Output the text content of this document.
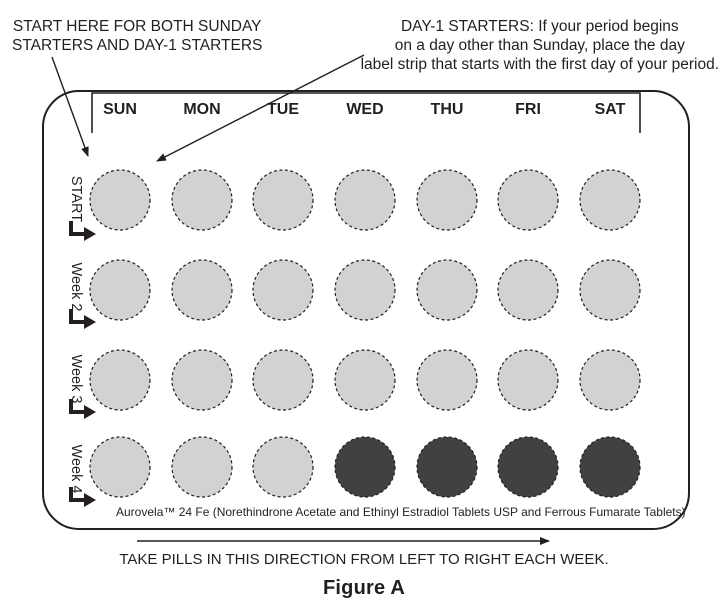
START HERE FOR BOTH SUNDAY
STARTERS AND DAY-1 STARTERS
DAY-1 STARTERS: If your period begins
on a day other than Sunday, place the day
label strip that starts with the first day of your period.
SUN	MON	TUE	WED	THU	FRI	SAT
START
Week 2
Week 3
Week 4
Aurovela™ 24 Fe (Norethindrone Acetate and Ethinyl Estradiol Tablets USP and Ferrous Fumarate Tablets)
TAKE PILLS IN THIS DIRECTION FROM LEFT TO RIGHT EACH WEEK.
Figure A
